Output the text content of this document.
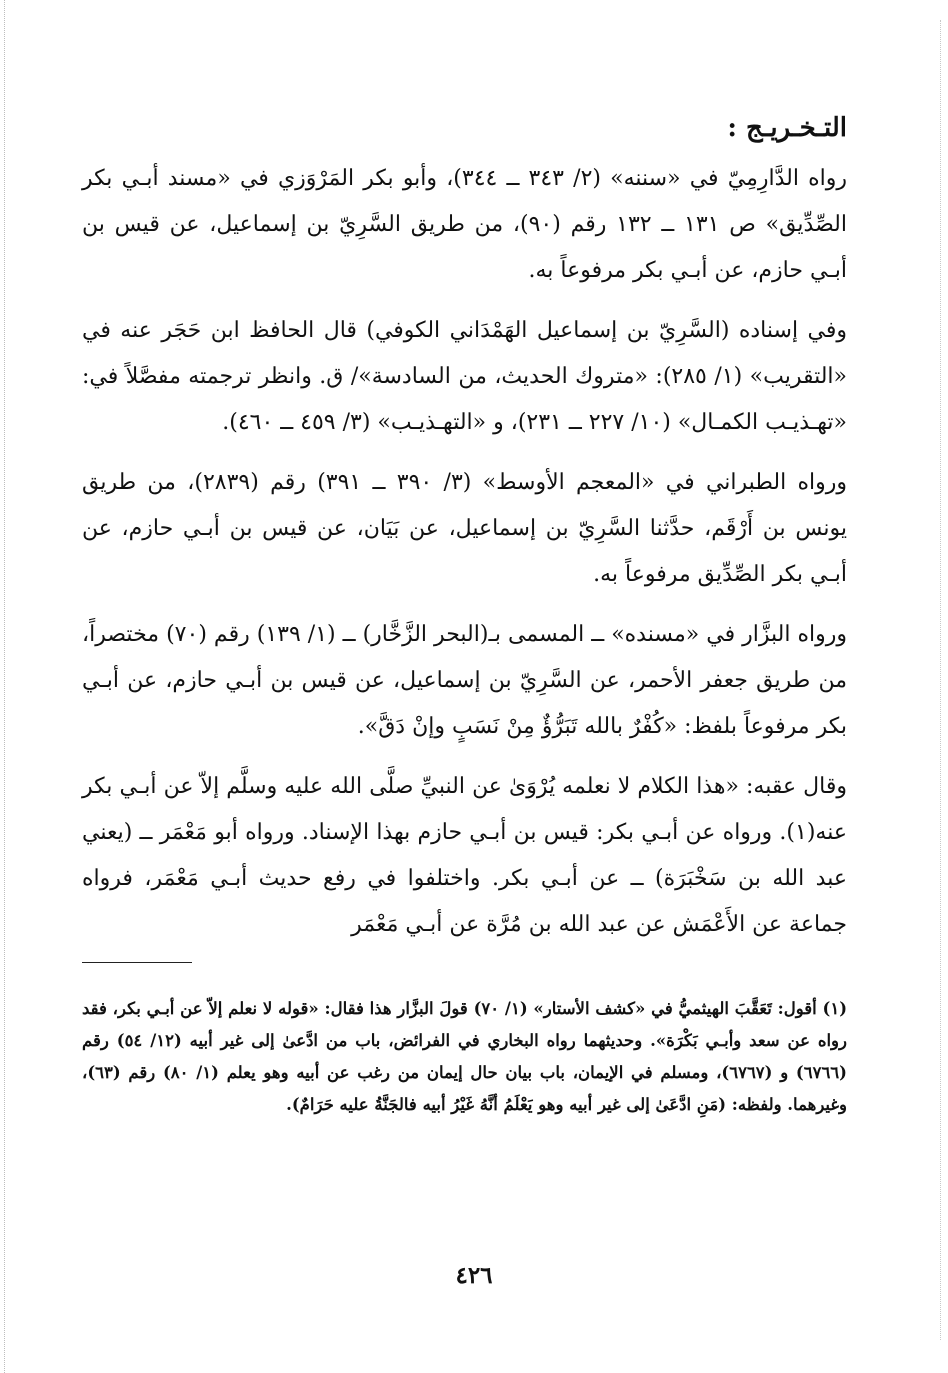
التـخـريـج :

رواه الدَّارِمِيّ في «سننه» (٢/ ٣٤٣ ــ ٣٤٤)، وأبو بكر المَرْوَزي في «مسند أبـي بكر الصِّدِّيق» ص ١٣١ ــ ١٣٢ رقم (٩٠)، من طريق السَّرِيّ بن إسماعيل، عن قيس بن أبـي حازم، عن أبـي بكر مرفوعاً به.

وفي إسناده (السَّرِيّ بن إسماعيل الهَمْدَاني الكوفي) قال الحافظ ابن حَجَر عنه في «التقريب» (١/ ٢٨٥): «متروك الحديث، من السادسة»/ ق. وانظر ترجمته مفصَّلاً في: «تهـذيـب الكمـال» (١٠/ ٢٢٧ ــ ٢٣١)، و «التهـذيـب» (٣/ ٤٥٩ ــ ٤٦٠).

ورواه الطبراني في «المعجم الأوسط» (٣/ ٣٩٠ ــ ٣٩١) رقم (٢٨٣٩)، من طريق يونس بن أَرْقَم، حدَّثنا السَّرِيّ بن إسماعيل، عن بَيَان، عن قيس بن أبـي حازم، عن أبـي بكر الصِّدِّيق مرفوعاً به.

ورواه البزَّار في «مسنده» ــ المسمى بـ(البحر الزَّخَّار) ــ (١/ ١٣٩) رقم (٧٠) مختصراً، من طريق جعفر الأحمر، عن السَّرِيّ بن إسماعيل، عن قيس بن أبـي حازم، عن أبـي بكر مرفوعاً بلفظ: «كُفْرٌ بالله تَبَرُّؤٌ مِنْ نَسَبٍ وإنْ دَقَّ».

وقال عقبه: «هذا الكلام لا نعلمه يُرْوَىٰ عن النبيِّ صلَّى الله عليه وسلَّم إلاّ عن أبـي بكر عنه(١). ورواه عن أبـي بكر: قيس بن أبـي حازم بهذا الإسناد. ورواه أبو مَعْمَر ــ (يعني عبد الله بن سَخْبَرَة) ــ عن أبـي بكر. واختلفوا في رفع حديث أبـي مَعْمَر، فرواه جماعة عن الأَعْمَش عن عبد الله بن مُرَّة عن أبـي مَعْمَر

(١) أقول: تَعَقَّبَ الهيثميُّ في «كشف الأستار» (١/ ٧٠) قولَ البزَّار هذا فقال: «قوله لا نعلم إلاّ عن أبـي بكر، فقد رواه عن سعد وأبـي بَكْرَة». وحديثهما رواه البخاري في الفرائض، باب من ادَّعىٰ إلى غير أبيه (١٢/ ٥٤) رقم (٦٧٦٦) و (٦٧٦٧)، ومسلم في الإيمان، باب بيان حال إيمان من رغب عن أبيه وهو يعلم (١/ ٨٠) رقم (٦٣)، وغيرهما. ولفظه: (مَنِ ادَّعَىٰ إلى غير أبيه وهو يَعْلَمُ أنَّهُ غَيْرُ أبيه فالجَنَّةُ عليه حَرَامٌ).

٤٢٦
